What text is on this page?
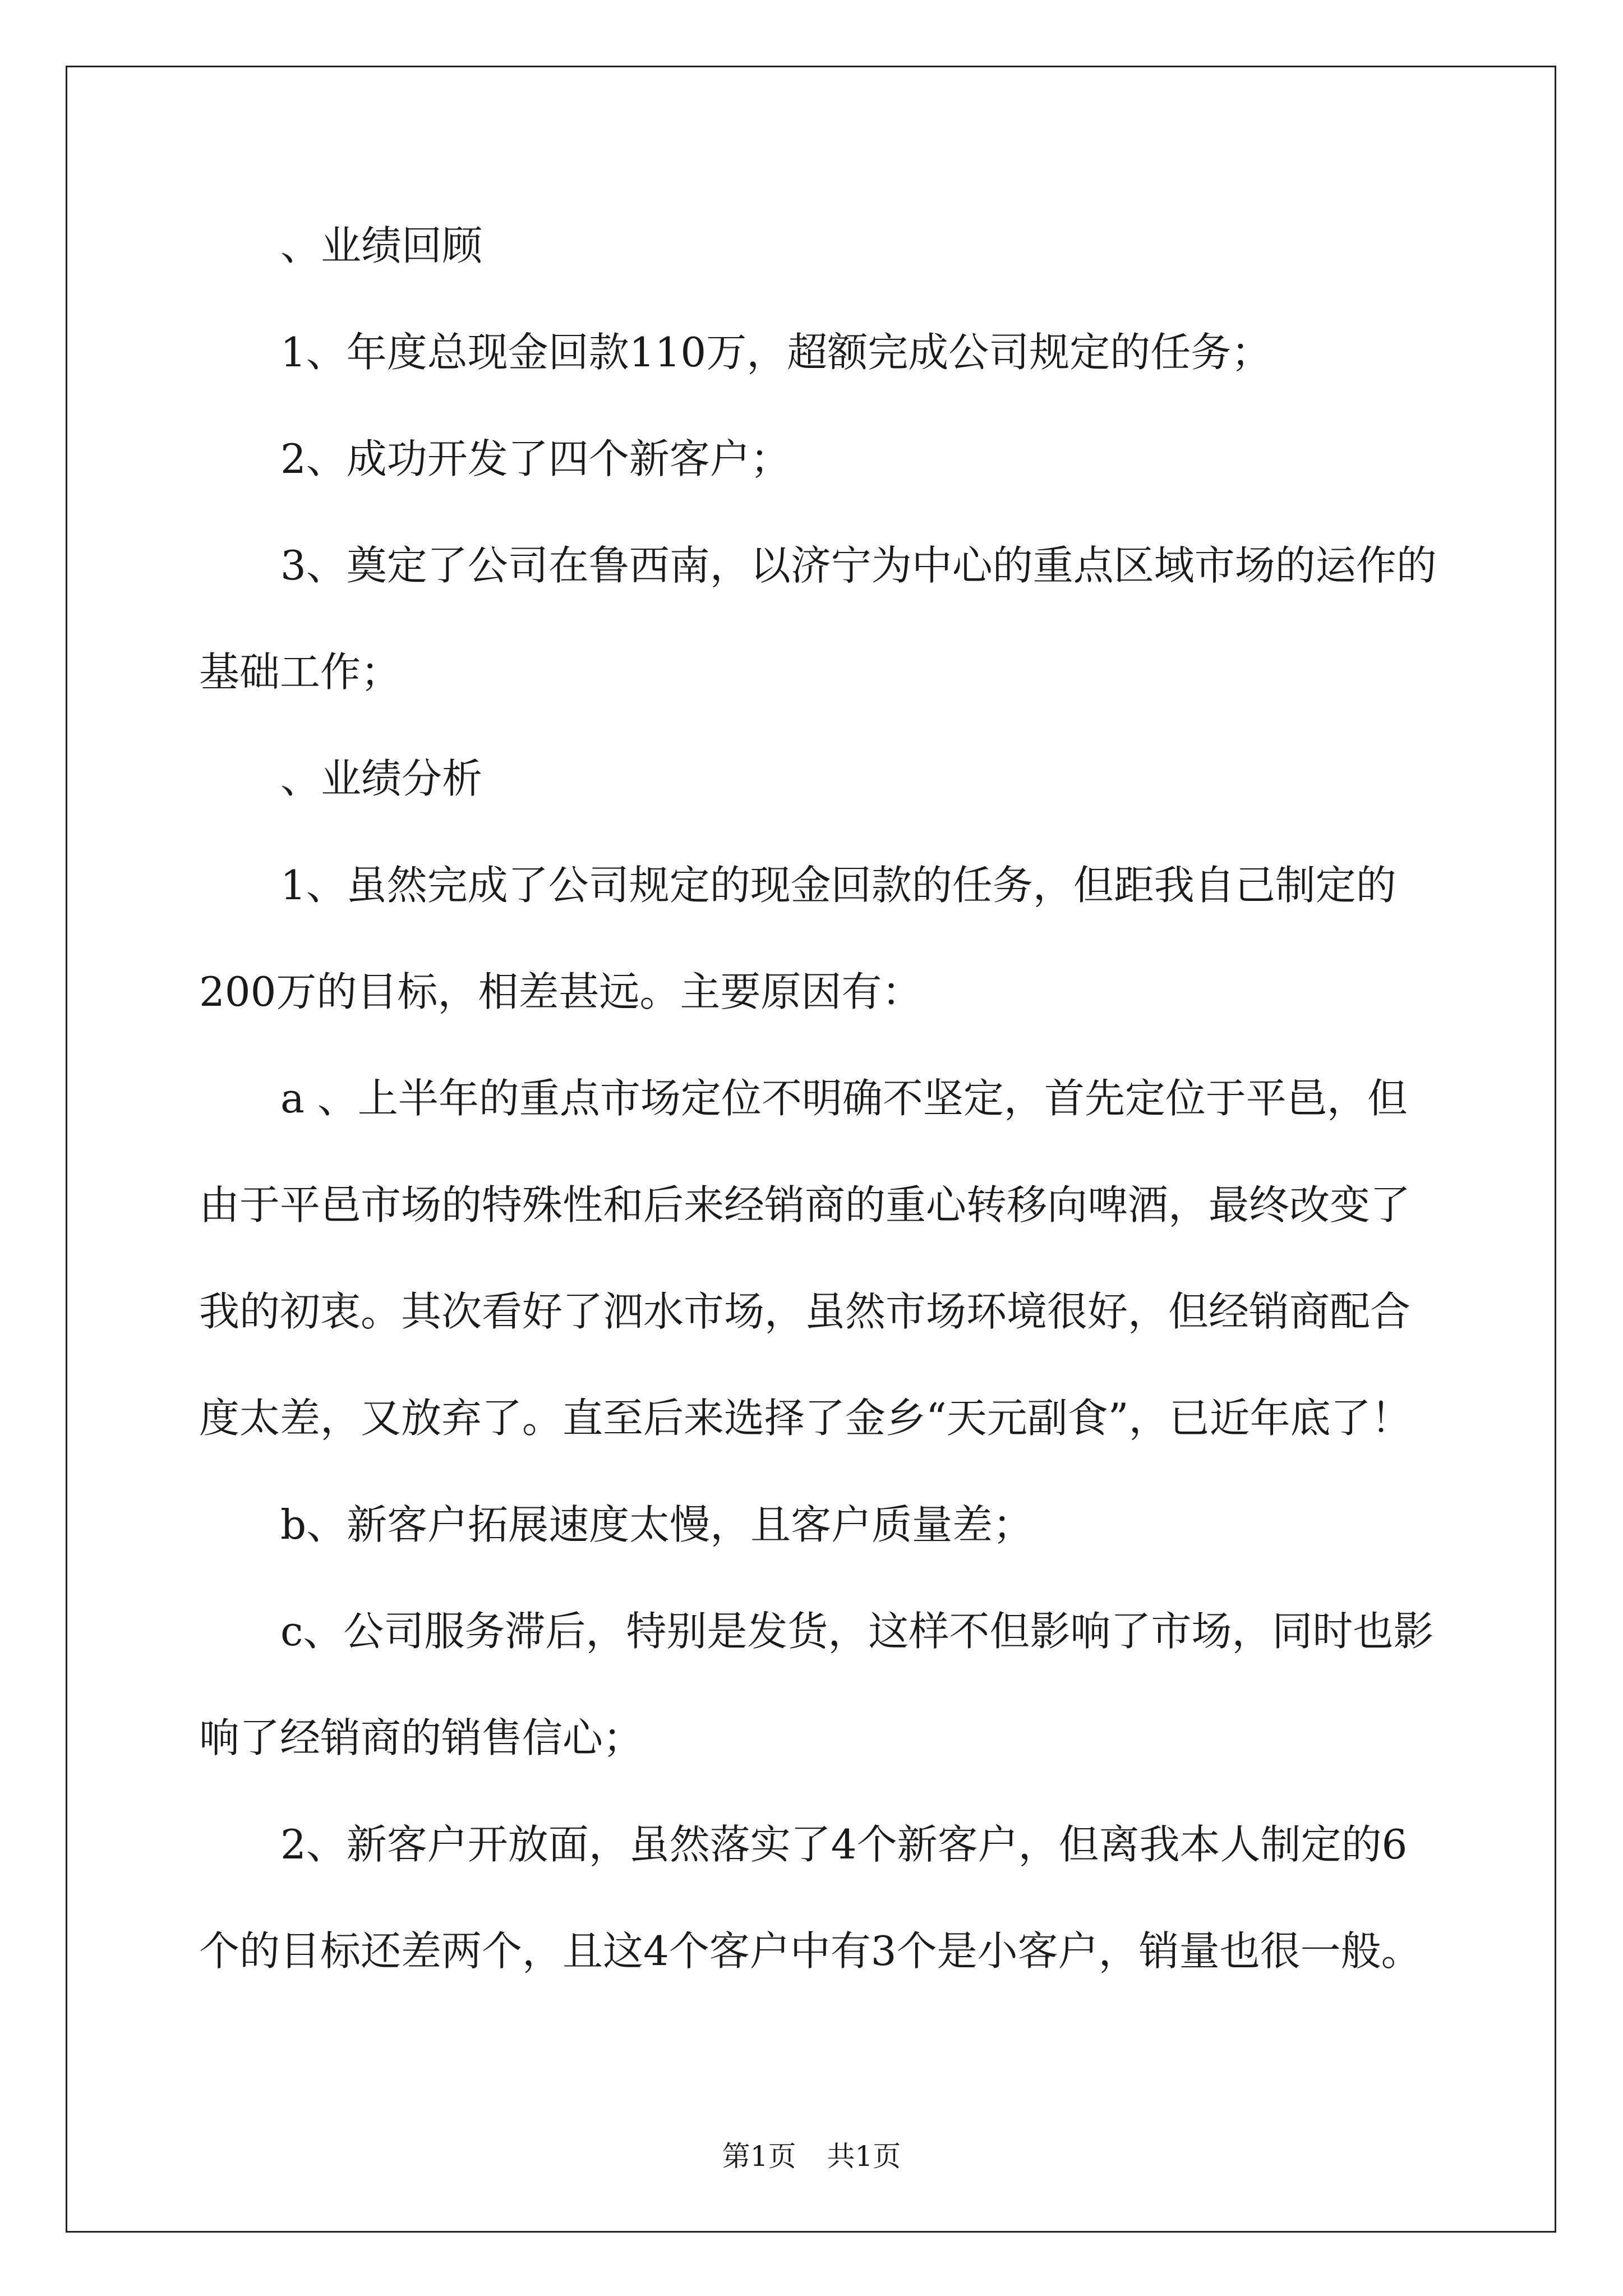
、业绩回顾

1、年度总现金回款110万，超额完成公司规定的任务；

2、成功开发了四个新客户；

3、奠定了公司在鲁西南，以济宁为中心的重点区域市场的运作的

基础工作；

、业绩分析

1、虽然完成了公司规定的现金回款的任务，但距我自己制定的

200万的目标，相差甚远。主要原因有：

a 、上半年的重点市场定位不明确不坚定，首先定位于平邑，但

由于平邑市场的特殊性和后来经销商的重心转移向啤酒，最终改变了

我的初衷。其次看好了泗水市场，虽然市场环境很好，但经销商配合

度太差，又放弃了。直至后来选择了金乡“天元副食”，已近年底了！

b、新客户拓展速度太慢，且客户质量差；

c、公司服务滞后，特别是发货，这样不但影响了市场，同时也影

响了经销商的销售信心；

2、新客户开放面，虽然落实了4个新客户，但离我本人制定的6

个的目标还差两个，且这4个客户中有3个是小客户，销量也很一般。

第1页 共1页
